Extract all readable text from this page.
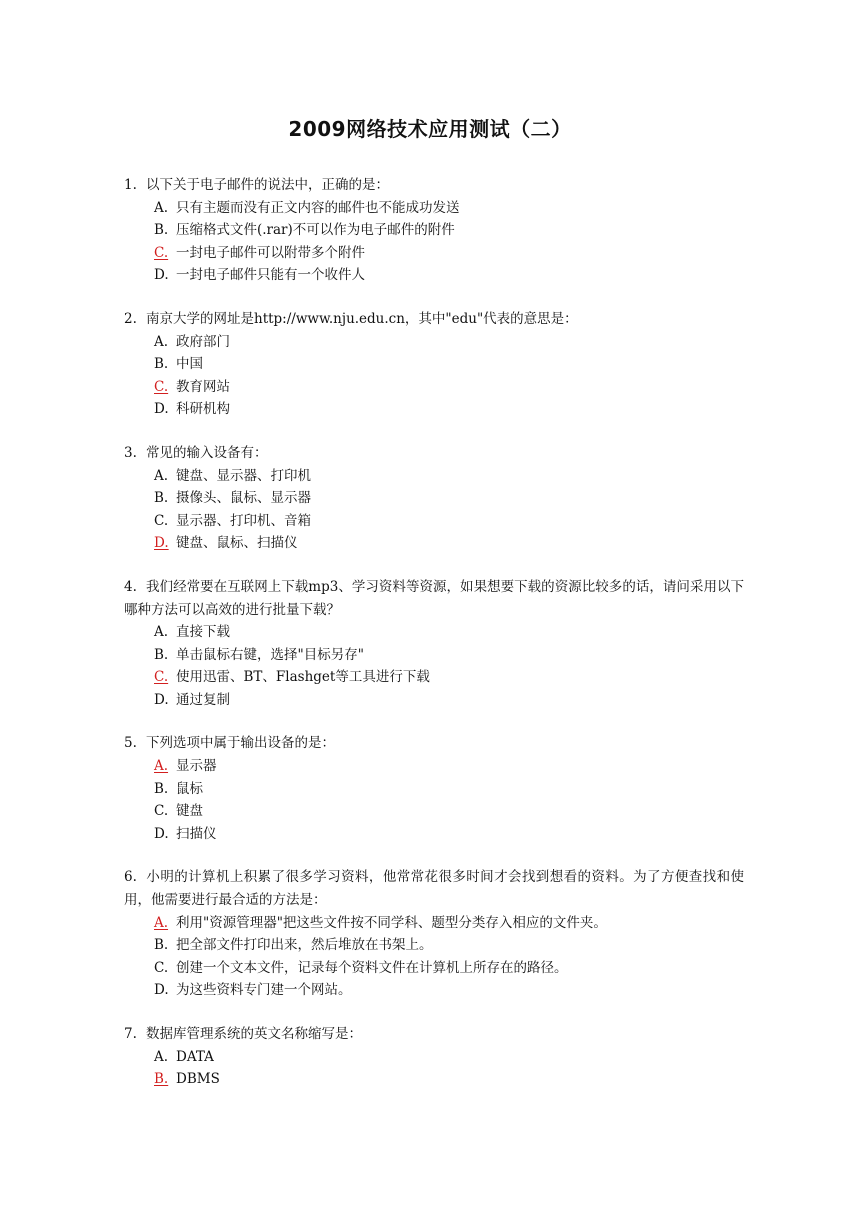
2009网络技术应用测试（二）
1. 以下关于电子邮件的说法中，正确的是：
A. 只有主题而没有正文内容的邮件也不能成功发送
B. 压缩格式文件(.rar)不可以作为电子邮件的附件
C. 一封电子邮件可以附带多个附件
D. 一封电子邮件只能有一个收件人
2. 南京大学的网址是http://www.nju.edu.cn，其中"edu"代表的意思是：
A. 政府部门
B. 中国
C. 教育网站
D. 科研机构
3. 常见的输入设备有：
A. 键盘、显示器、打印机
B. 摄像头、鼠标、显示器
C. 显示器、打印机、音箱
D. 键盘、鼠标、扫描仪
4. 我们经常要在互联网上下载mp3、学习资料等资源，如果想要下载的资源比较多的话，请问采用以下哪种方法可以高效的进行批量下载？
A. 直接下载
B. 单击鼠标右键，选择"目标另存"
C. 使用迅雷、BT、Flashget等工具进行下载
D. 通过复制
5. 下列选项中属于输出设备的是：
A. 显示器
B. 鼠标
C. 键盘
D. 扫描仪
6. 小明的计算机上积累了很多学习资料，他常常花很多时间才会找到想看的资料。为了方便查找和使用，他需要进行最合适的方法是：
A. 利用"资源管理器"把这些文件按不同学科、题型分类存入相应的文件夹。
B. 把全部文件打印出来，然后堆放在书架上。
C. 创建一个文本文件，记录每个资料文件在计算机上所存在的路径。
D. 为这些资料专门建一个网站。
7. 数据库管理系统的英文名称缩写是：
A. DATA
B. DBMS
